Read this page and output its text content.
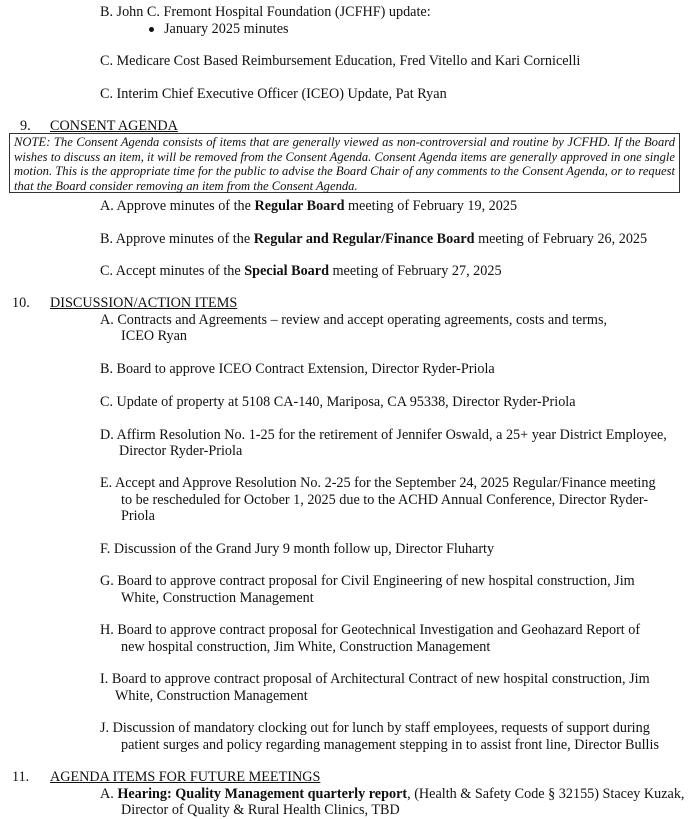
B. John C. Fremont Hospital Foundation (JCFHF) update:
January 2025 minutes
C. Medicare Cost Based Reimbursement Education, Fred Vitello and Kari Cornicelli
C. Interim Chief Executive Officer (ICEO) Update, Pat Ryan
9. CONSENT AGENDA
NOTE: The Consent Agenda consists of items that are generally viewed as non-controversial and routine by JCFHD. If the Board wishes to discuss an item, it will be removed from the Consent Agenda. Consent Agenda items are generally approved in one single motion. This is the appropriate time for the public to advise the Board Chair of any comments to the Consent Agenda, or to request that the Board consider removing an item from the Consent Agenda.
A. Approve minutes of the Regular Board meeting of February 19, 2025
B. Approve minutes of the Regular and Regular/Finance Board meeting of February 26, 2025
C. Accept minutes of the Special Board meeting of February 27, 2025
10. DISCUSSION/ACTION ITEMS
A. Contracts and Agreements – review and accept operating agreements, costs and terms,
ICEO Ryan
B. Board to approve ICEO Contract Extension, Director Ryder-Priola
C. Update of property at 5108 CA-140, Mariposa, CA 95338, Director Ryder-Priola
D. Affirm Resolution No. 1-25 for the retirement of Jennifer Oswald, a 25+ year District Employee,
Director Ryder-Priola
E. Accept and Approve Resolution No. 2-25 for the September 24, 2025 Regular/Finance meeting
to be rescheduled for October 1, 2025 due to the ACHD Annual Conference, Director Ryder-
Priola
F. Discussion of the Grand Jury 9 month follow up, Director Fluharty
G. Board to approve contract proposal for Civil Engineering of new hospital construction, Jim
White, Construction Management
H. Board to approve contract proposal for Geotechnical Investigation and Geohazard Report of
new hospital construction, Jim White, Construction Management
I. Board to approve contract proposal of Architectural Contract of new hospital construction, Jim
White, Construction Management
J. Discussion of mandatory clocking out for lunch by staff employees, requests of support during
patient surges and policy regarding management stepping in to assist front line, Director Bullis
11. AGENDA ITEMS FOR FUTURE MEETINGS
A. Hearing: Quality Management quarterly report, (Health & Safety Code § 32155) Stacey Kuzak,
Director of Quality & Rural Health Clinics, TBD
